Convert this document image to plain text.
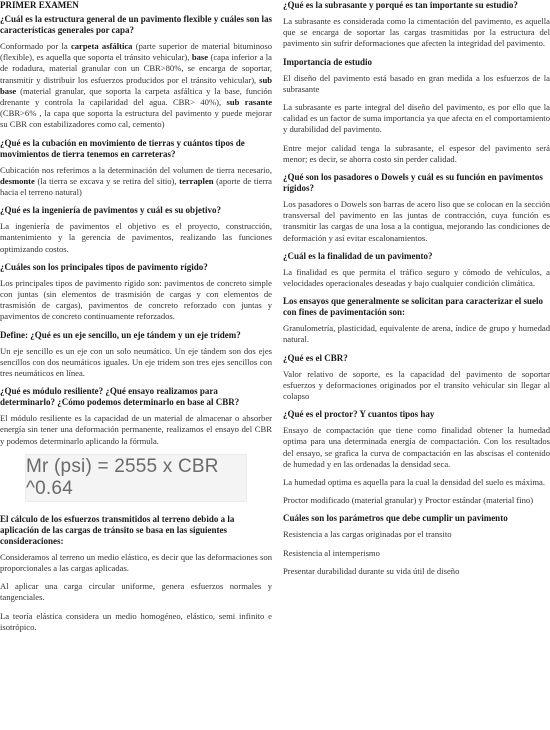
PRIMER EXAMEN
¿Cuál es la estructura general de un pavimento flexible y cuáles son las características generales por capa?
Conformado por la carpeta asfáltica (parte superior de material bituminoso (flexible), es aquella que soporta el tránsito vehicular), base (capa inferior a la de rodadura, material granular con un CBR>80%, se encarga de soportar, transmitir y distribuir los esfuerzos producidos por el tránsito vehicular), sub base (material granular, que soporta la carpeta asfáltica y la base, función drenante y controla la capilaridad del agua. CBR> 40%), sub rasante (CBR>6% , la capa que soporta la estructura del pavimento y puede mejorar su CBR con estabilizadores como cal, cemento)
¿Qué es la cubación en movimiento de tierras y cuántos tipos de movimientos de tierra tenemos en carreteras?
Cubicación nos referimos a la determinación del volumen de tierra necesario, desmonte (la tierra se excava y se retira del sitio), terraplen (aporte de tierra hacia el terreno natural)
¿Qué es la ingeniería de pavimentos y cuál es su objetivo?
La ingeniería de pavimentos el objetivo es el proyecto, construcción, mantenimiento y la gerencia de pavimentos, realizando las funciones optimizando costos.
¿Cuáles son los principales tipos de pavimento rígido?
Los principales tipos de pavimento rígido son: pavimentos de concreto simple con juntas (sin elementos de trasmisión de cargas y con elementos de trasmisión de cargas), pavimentos de concreto reforzado con juntas y pavimentos de concreto continuamente reforzados.
Define: ¿Qué es un eje sencillo, un eje tándem y un eje trídem?
Un eje sencillo es un eje con un solo neumático. Un eje tándem son dos ejes sencillos con dos neumáticos iguales. Un eje tridem son tres ejes sencillos con tres neumáticos en línea.
¿Qué es módulo resiliente? ¿Qué ensayo realizamos para determinarlo? ¿Cómo podemos determinarlo en base al CBR?
El módulo resiliente es la capacidad de un material de almacenar o absorber energía sin tener una deformación permanente, realizamos el ensayo del CBR y podemos determinarlo aplicando la fórmula.
Mr (psi) = 2555 x CBR ^0.64
El cálculo de los esfuerzos transmitidos al terreno debido a la aplicación de las cargas de tránsito se basa en las siguientes consideraciones:
Consideramos al terreno un medio elástico, es decir que las deformaciones son proporcionales a las cargas aplicadas.
Al aplicar una carga circular uniforme, genera esfuerzos normales y tangenciales.
La teoría elástica considera un medio homogéneo, elástico, semi infinito e isotrópico.
¿Qué es la subrasante y porqué es tan importante su estudio?
La subrasante es considerada como la cimentación del pavimento, es aquella que se encarga de soportar las cargas trasmitidas por la estructura del pavimento sin sufrir deformaciones que afecten la integridad del pavimento.
Importancia de estudio
El diseño del pavimento está basado en gran medida a los esfuerzos de la subrasante
La subrasante es parte integral del diseño del pavimento, es por ello que la calidad es un factor de suma importancia ya que afecta en el comportamiento y durabilidad del pavimento.
Entre mejor calidad tenga la subrasante, el espesor del pavimento será menor; es decir, se ahorra costo sin perder calidad.
¿Qué son los pasadores o Dowels y cuál es su función en pavimentos rígidos?
Los pasadores o Dowels son barras de acero liso que se colocan en la sección transversal del pavimento en las juntas de contracción, cuya función es transmitir las cargas de una losa a la contigua, mejorando las condiciones de deformación y así evitar escalonamientos.
¿Cuál es la finalidad de un pavimento?
La finalidad es que permita el tráfico seguro y cómodo de vehículos, a velocidades operacionales deseadas y bajo cualquier condición climática.
Los ensayos que generalmente se solicitan para caracterizar el suelo con fines de pavimentación son:
Granulometría, plasticidad, equivalente de arena, índice de grupo y humedad natural.
¿Qué es el CBR?
Valor relativo de soporte, es la capacidad del pavimento de soportar esfuerzos y deformaciones originados por el transito vehicular sin llegar al colapso
¿Qué es el proctor? Y cuantos tipos hay
Ensayo de compactación que tiene como finalidad obtener la humedad optima para una determinada energía de compactación. Con los resultados del ensayo, se grafica la curva de compactación en las abscisas el contenido de humedad y en las ordenadas la densidad seca.
La humedad optima es aquella para la cual la densidad del suelo es máxima.
Proctor modificado (material granular) y Proctor estándar (material fino)
Cuáles son los parámetros que debe cumplir un pavimento
Resistencia a las cargas originadas por el transito
Resistencia al intemperismo
Presentar durabilidad durante su vida útil de diseño
